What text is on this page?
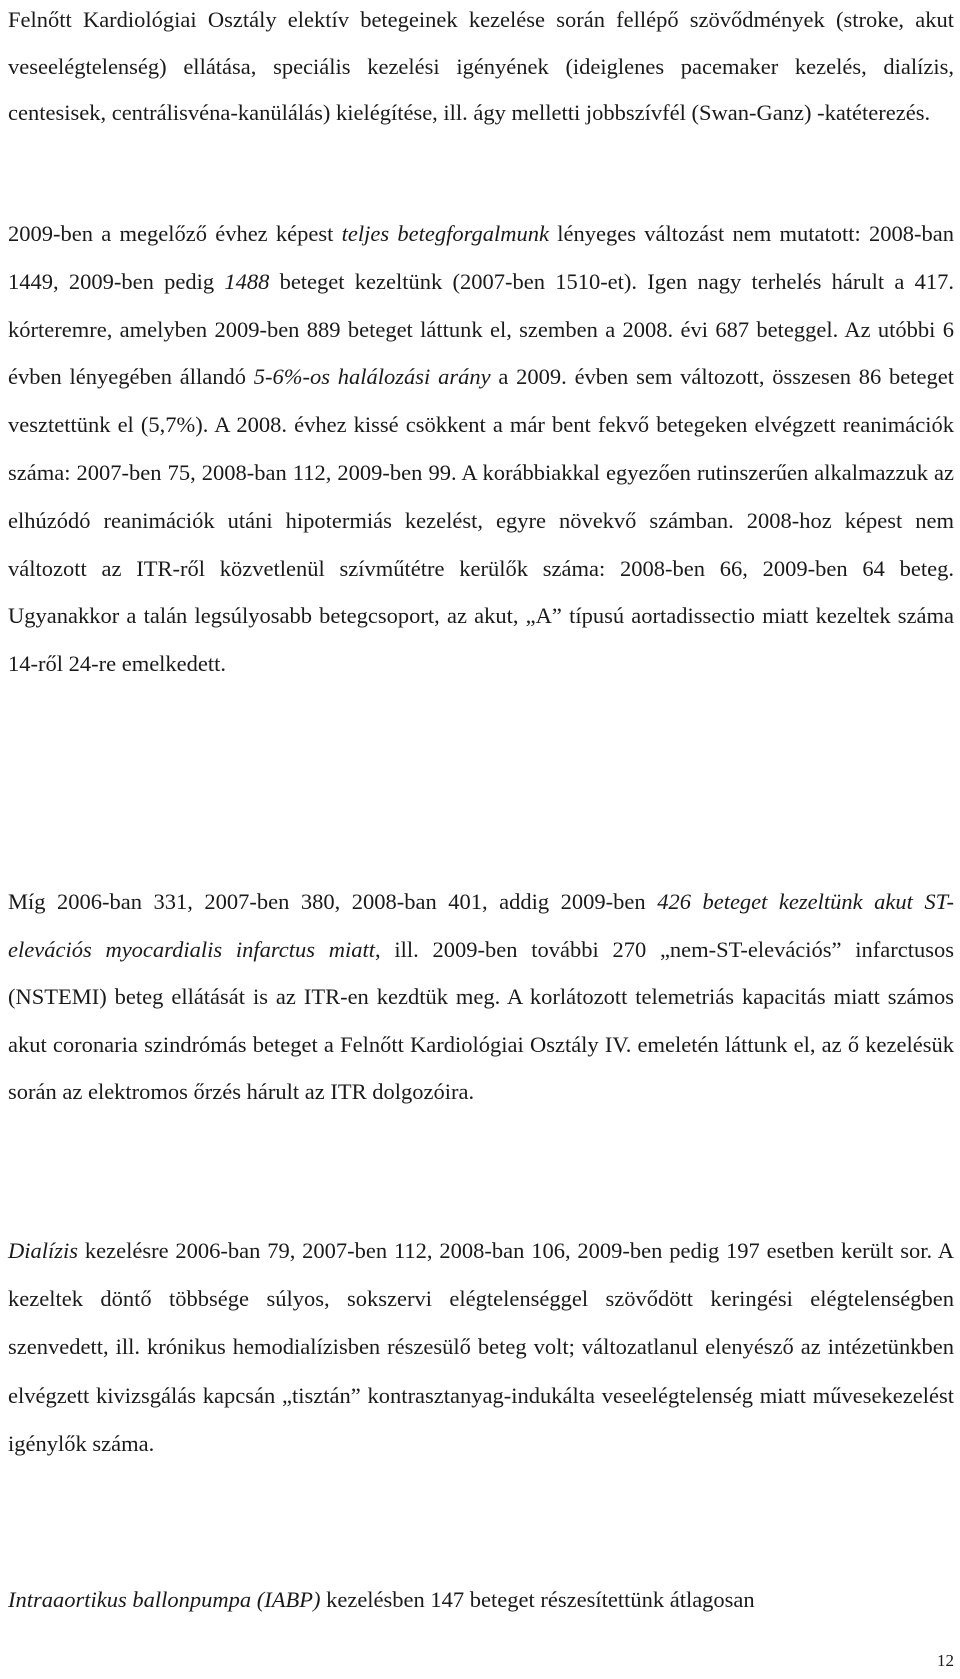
Felnőtt Kardiológiai Osztály elektív betegeinek kezelése során fellépő szövődmények (stroke, akut veseelégtelenség) ellátása, speciális kezelési igényének (ideiglenes pacemaker kezelés, dialízis, centesisek, centrálisvéna-kanülálás) kielégítése, ill. ágy melletti jobbszívfél (Swan-Ganz) -katéterezés.

2009-ben a megelőző évhez képest teljes betegforgalmunk lényeges változást nem mutatott: 2008-ban 1449, 2009-ben pedig 1488 beteget kezeltünk (2007-ben 1510-et). Igen nagy terhelés hárult a 417. kórteremre, amelyben 2009-ben 889 beteget láttunk el, szemben a 2008. évi 687 beteggel. Az utóbbi 6 évben lényegében állandó 5-6%-os halálozási arány a 2009. évben sem változott, összesen 86 beteget vesztettünk el (5,7%). A 2008. évhez kissé csökkent a már bent fekvő betegeken elvégzett reanimációk száma: 2007-ben 75, 2008-ban 112, 2009-ben 99. A korábbiakkal egyezően rutinszerűen alkalmazzuk az elhúzódó reanimációk utáni hipotermiás kezelést, egyre növekvő számban. 2008-hoz képest nem változott az ITR-ről közvetlenül szívműtétre kerülők száma: 2008-ben 66, 2009-ben 64 beteg. Ugyanakkor a talán legsúlyosabb betegcsoport, az akut, „A” típusú aortadissectio miatt kezeltek száma 14-ről 24-re emelkedett.

Míg 2006-ban 331, 2007-ben 380, 2008-ban 401, addig 2009-ben 426 beteget kezeltünk akut ST-elevációs myocardialis infarctus miatt, ill. 2009-ben további 270 „nem-ST-elevációs” infarctusos (NSTEMI) beteg ellátását is az ITR-en kezdtük meg. A korlátozott telemetriás kapacitás miatt számos akut coronaria szindrómás beteget a Felnőtt Kardiológiai Osztály IV. emeletén láttunk el, az ő kezelésük során az elektromos őrzés hárult az ITR dolgozóira.

Dialízis kezelésre 2006-ban 79, 2007-ben 112, 2008-ban 106, 2009-ben pedig 197 esetben került sor. A kezeltek döntő többsége súlyos, sokszervi elégtelenséggel szövődött keringési elégtelenségben szenvedett, ill. krónikus hemodialízisben részesülő beteg volt; változatlanul elenyésző az intézetünkben elvégzett kivizsgálás kapcsán „tisztán” kontrasztanyag-indukálta veseelégtelenség miatt művesekezelést igénylők száma.

Intraaortikus ballonpumpa (IABP) kezelésben 147 beteget részesítettünk átlagosan

12
